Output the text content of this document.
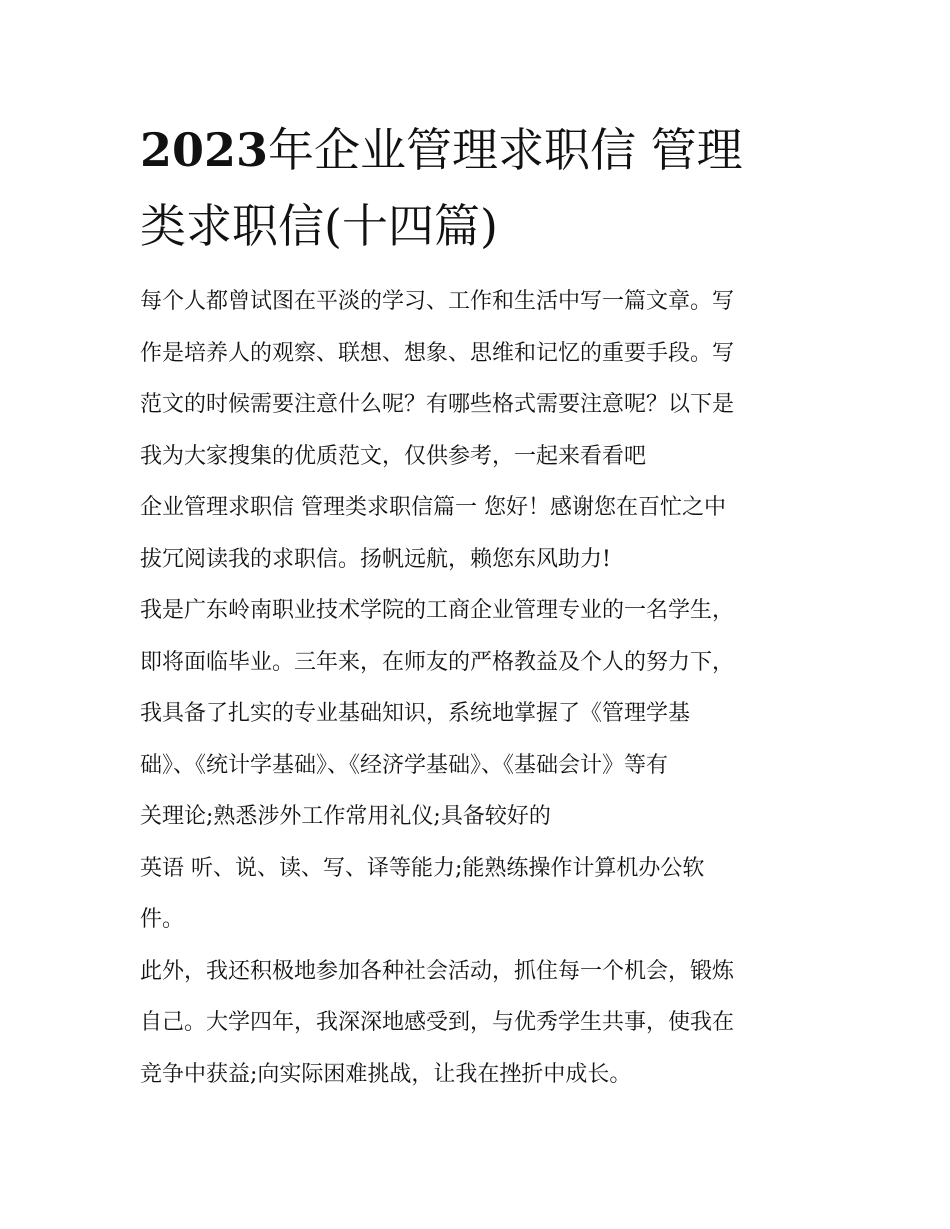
2023年企业管理求职信 管理
类求职信(十四篇)
每个人都曾试图在平淡的学习、工作和生活中写一篇文章。写
作是培养人的观察、联想、想象、思维和记忆的重要手段。写
范文的时候需要注意什么呢？有哪些格式需要注意呢？以下是
我为大家搜集的优质范文，仅供参考，一起来看看吧
企业管理求职信 管理类求职信篇一 您好！感谢您在百忙之中
拔冗阅读我的求职信。扬帆远航，赖您东风助力!
我是广东岭南职业技术学院的工商企业管理专业的一名学生，
即将面临毕业。三年来，在师友的严格教益及个人的努力下，
我具备了扎实的专业基础知识，系统地掌握了《管理学基
础》、《统计学基础》、《经济学基础》、《基础会计》等有
关理论;熟悉涉外工作常用礼仪;具备较好的
英语 听、说、读、写、译等能力;能熟练操作计算机办公软
件。
此外，我还积极地参加各种社会活动，抓住每一个机会，锻炼
自己。大学四年，我深深地感受到，与优秀学生共事，使我在
竞争中获益;向实际困难挑战，让我在挫折中成长。
